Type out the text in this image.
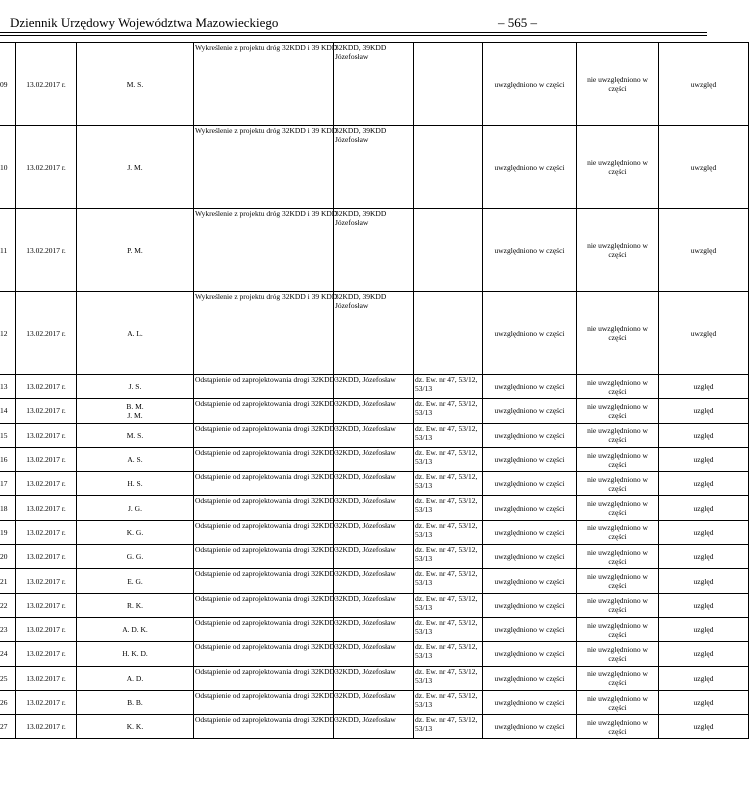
Dziennik Urzędowy Województwa Mazowieckiego	– 565 –
09	13.02.2017 r.	M. S.	Wykreślenie z projektu dróg 32KDD i 39 KDD	32KDD, 39KDD Józefosław		uwzględniono w części	nie uwzględniono w części	uwzględ
10	13.02.2017 r.	J. M.	Wykreślenie z projektu dróg 32KDD i 39 KDD	32KDD, 39KDD Józefosław		uwzględniono w części	nie uwzględniono w części	uwzględ
11	13.02.2017 r.	P. M.	Wykreślenie z projektu dróg 32KDD i 39 KDD	32KDD, 39KDD Józefosław		uwzględniono w części	nie uwzględniono w części	uwzględ
12	13.02.2017 r.	A. L.	Wykreślenie z projektu dróg 32KDD i 39 KDD	32KDD, 39KDD Józefosław		uwzględniono w części	nie uwzględniono w części	uwzględ
13	13.02.2017 r.	J. S.	Odstąpienie od zaprojektowania drogi 32KDD	32KDD, Józefosław	dz. Ew. nr 47, 53/12, 53/13	uwzględniono w części	nie uwzględniono w części	uzględ
14	13.02.2017 r.	B. M.
J. M.	Odstąpienie od zaprojektowania drogi 32KDD	32KDD, Józefosław	dz. Ew. nr 47, 53/12, 53/13	uwzględniono w części	nie uwzględniono w części	uzględ
15	13.02.2017 r.	M. S.	Odstąpienie od zaprojektowania drogi 32KDD	32KDD, Józefosław	dz. Ew. nr 47, 53/12, 53/13	uwzględniono w części	nie uwzględniono w części	uzględ
16	13.02.2017 r.	A. S.	Odstąpienie od zaprojektowania drogi 32KDD	32KDD, Józefosław	dz. Ew. nr 47, 53/12, 53/13	uwzględniono w części	nie uwzględniono w części	uzględ
17	13.02.2017 r.	H. S.	Odstąpienie od zaprojektowania drogi 32KDD	32KDD, Józefosław	dz. Ew. nr 47, 53/12, 53/13	uwzględniono w części	nie uwzględniono w części	uzględ
18	13.02.2017 r.	J. G.	Odstąpienie od zaprojektowania drogi 32KDD	32KDD, Józefosław	dz. Ew. nr 47, 53/12, 53/13	uwzględniono w części	nie uwzględniono w części	uzględ
19	13.02.2017 r.	K. G.	Odstąpienie od zaprojektowania drogi 32KDD	32KDD, Józefosław	dz. Ew. nr 47, 53/12, 53/13	uwzględniono w części	nie uwzględniono w części	uzględ
20	13.02.2017 r.	G. G.	Odstąpienie od zaprojektowania drogi 32KDD	32KDD, Józefosław	dz. Ew. nr 47, 53/12, 53/13	uwzględniono w części	nie uwzględniono w części	uzględ
21	13.02.2017 r.	E. G.	Odstąpienie od zaprojektowania drogi 32KDD	32KDD, Józefosław	dz. Ew. nr 47, 53/12, 53/13	uwzględniono w części	nie uwzględniono w części	uzględ
22	13.02.2017 r.	R. K.	Odstąpienie od zaprojektowania drogi 32KDD	32KDD, Józefosław	dz. Ew. nr 47, 53/12, 53/13	uwzględniono w części	nie uwzględniono w części	uzględ
23	13.02.2017 r.	A. D. K.	Odstąpienie od zaprojektowania drogi 32KDD	32KDD, Józefosław	dz. Ew. nr 47, 53/12, 53/13	uwzględniono w części	nie uwzględniono w części	uzględ
24	13.02.2017 r.	H. K. D.	Odstąpienie od zaprojektowania drogi 32KDD	32KDD, Józefosław	dz. Ew. nr 47, 53/12, 53/13	uwzględniono w części	nie uwzględniono w części	uzględ
25	13.02.2017 r.	A. D.	Odstąpienie od zaprojektowania drogi 32KDD	32KDD, Józefosław	dz. Ew. nr 47, 53/12, 53/13	uwzględniono w części	nie uwzględniono w części	uzględ
26	13.02.2017 r.	B. B.	Odstąpienie od zaprojektowania drogi 32KDD	32KDD, Józefosław	dz. Ew. nr 47, 53/12, 53/13	uwzględniono w części	nie uwzględniono w części	uzględ
27	13.02.2017 r.	K. K.	Odstąpienie od zaprojektowania drogi 32KDD	32KDD, Józefosław	dz. Ew. nr 47, 53/12, 53/13	uwzględniono w części	nie uwzględniono w części	uzględ
